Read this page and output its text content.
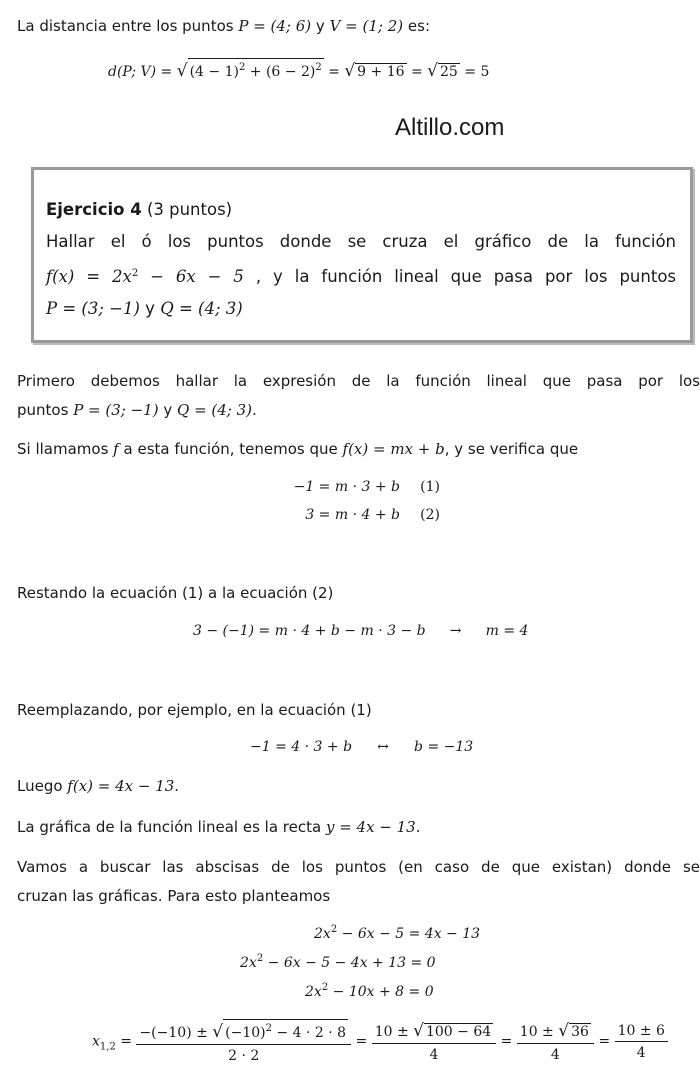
La distancia entre los puntos P = (4; 6) y V = (1; 2) es:
d(P; V) = √ $(4 - 1)^2 + (6 - 2)^2$ = √ 9 + 16 = √ 25 = 5
Altillo.com
Ejercicio 4 (3 puntos)
Hallar el ó los puntos donde se cruza el gráfico de la función
$f(x) = 2x^2 - 6x - 5$ , y la función lineal que pasa por los puntos
P = (3; −1) y Q = (4; 3)
Primero debemos hallar la expresión de la función lineal que pasa por los
puntos P = (3; −1) y Q = (4; 3).
Si llamamos f a esta función, tenemos que f(x) = mx + b, y se verifica que
−1 = m · 3 + b (1)
3 = m · 4 + b (2)
Restando la ecuación (1) a la ecuación (2)
3 − (−1) = m · 4 + b − m · 3 − b → m = 4
Reemplazando, por ejemplo, en la ecuación (1)
−1 = 4 · 3 + b ↔ b = −13
Luego f(x) = 4x − 13.
La gráfica de la función lineal es la recta y = 4x − 13.
Vamos a buscar las abscisas de los puntos (en caso de que existan) donde se
cruzan las gráficas. Para esto planteamos
$2x^2 - 6x - 5 = 4x - 13$
$2x^2 - 6x - 5 - 4x + 13 = 0$
$2x^2 - 10x + 8 = 0$
$x_{1,2} = \frac{-(-10) \pm √ (-10)^2 - 4 \cdot 2 \cdot 8}{2 \cdot 2} = \frac{10 \pm √ 100 - 64}{4} = \frac{10 \pm √ 36}{4} = \frac{10 \pm 6}{4}$
